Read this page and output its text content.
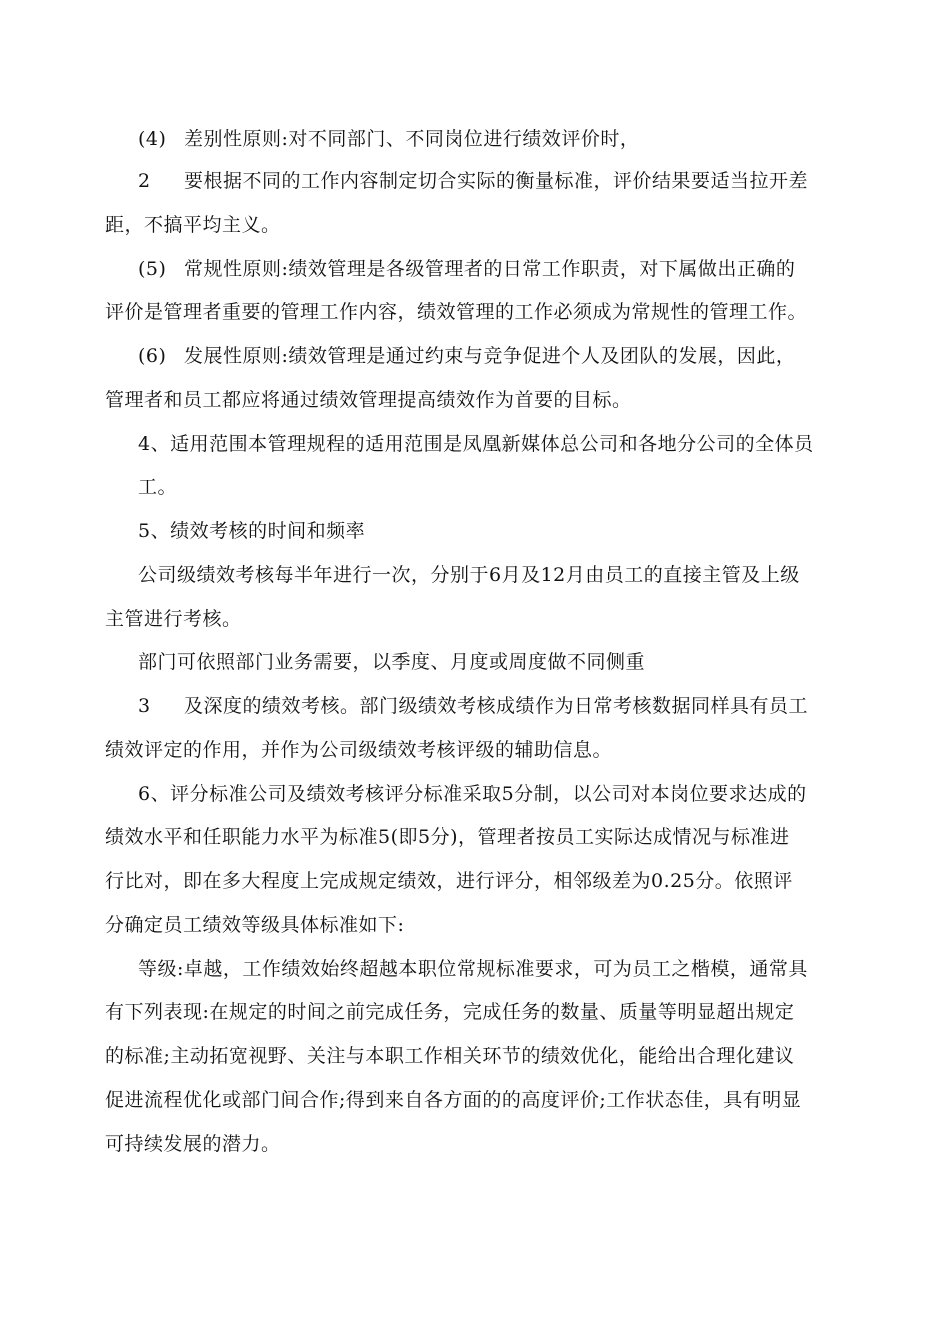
(4) 差别性原则:对不同部门、不同岗位进行绩效评价时，
2 要根据不同的工作内容制定切合实际的衡量标准，评价结果要适当拉开差
距，不搞平均主义。
(5) 常规性原则:绩效管理是各级管理者的日常工作职责，对下属做出正确的
评价是管理者重要的管理工作内容，绩效管理的工作必须成为常规性的管理工作。
(6) 发展性原则:绩效管理是通过约束与竞争促进个人及团队的发展，因此，
管理者和员工都应将通过绩效管理提高绩效作为首要的目标。
4、适用范围本管理规程的适用范围是凤凰新媒体总公司和各地分公司的全体员
工。
5、绩效考核的时间和频率
公司级绩效考核每半年进行一次，分别于6月及12月由员工的直接主管及上级
主管进行考核。
部门可依照部门业务需要，以季度、月度或周度做不同侧重
3 及深度的绩效考核。部门级绩效考核成绩作为日常考核数据同样具有员工
绩效评定的作用，并作为公司级绩效考核评级的辅助信息。
6、评分标准公司及绩效考核评分标准采取5分制，以公司对本岗位要求达成的
绩效水平和任职能力水平为标准5(即5分)，管理者按员工实际达成情况与标准进
行比对，即在多大程度上完成规定绩效，进行评分，相邻级差为0.25分。依照评
分确定员工绩效等级具体标准如下:
等级:卓越，工作绩效始终超越本职位常规标准要求，可为员工之楷模，通常具
有下列表现:在规定的时间之前完成任务，完成任务的数量、质量等明显超出规定
的标准;主动拓宽视野、关注与本职工作相关环节的绩效优化，能给出合理化建议
促进流程优化或部门间合作;得到来自各方面的的高度评价;工作状态佳，具有明显
可持续发展的潜力。
